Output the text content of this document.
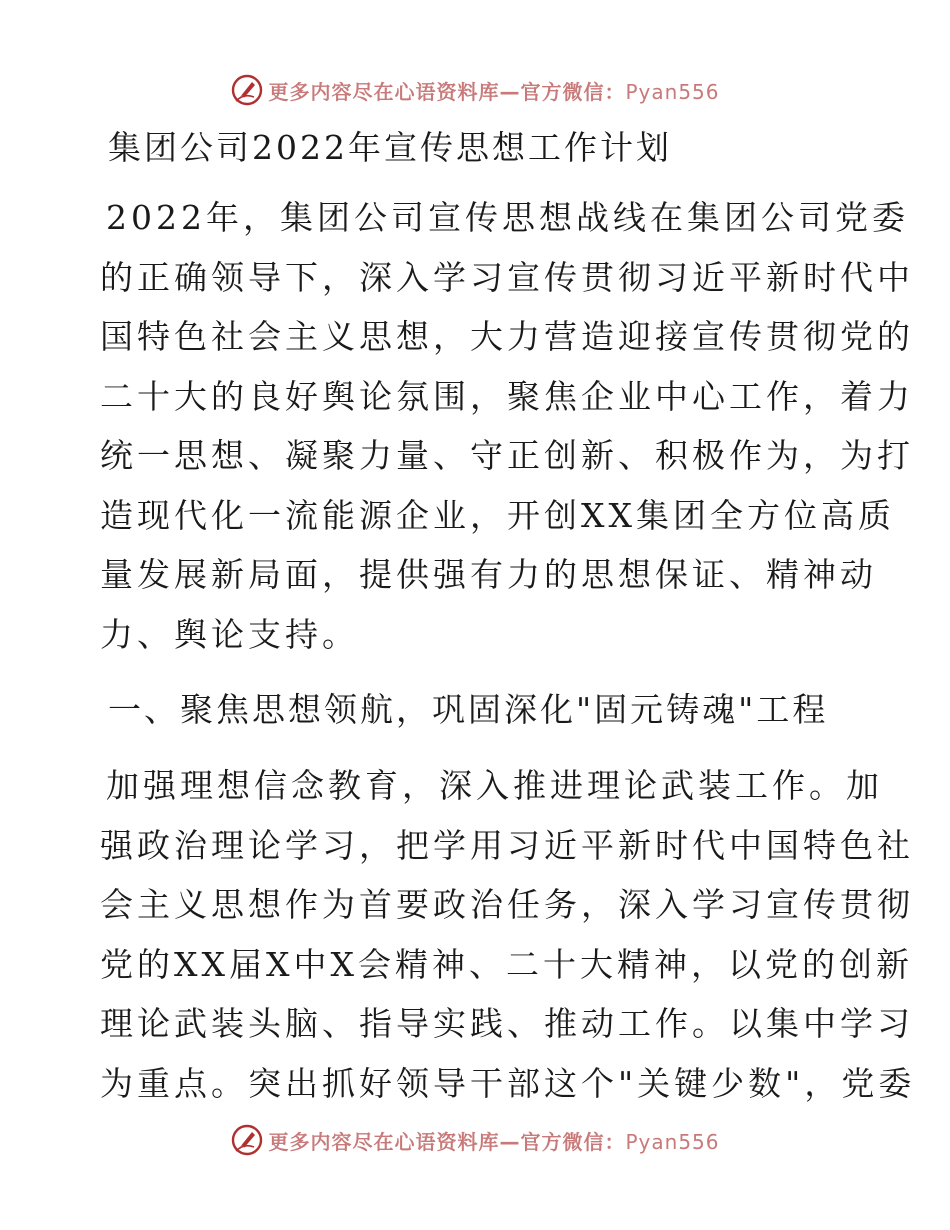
更多内容尽在心语资料库—官方微信：Pyan556
集团公司2022年宣传思想工作计划

2022年，集团公司宣传思想战线在集团公司党委
的正确领导下，深入学习宣传贯彻习近平新时代中
国特色社会主义思想，大力营造迎接宣传贯彻党的
二十大的良好舆论氛围，聚焦企业中心工作，着力
统一思想、凝聚力量、守正创新、积极作为，为打
造现代化一流能源企业，开创XX集团全方位高质
量发展新局面，提供强有力的思想保证、精神动
力、舆论支持。

一、聚焦思想领航，巩固深化"固元铸魂"工程

加强理想信念教育，深入推进理论武装工作。加
强政治理论学习，把学用习近平新时代中国特色社
会主义思想作为首要政治任务，深入学习宣传贯彻
党的XX届X中X会精神、二十大精神，以党的创新
理论武装头脑、指导实践、推动工作。以集中学习
为重点。突出抓好领导干部这个"关键少数"，党委

更多内容尽在心语资料库—官方微信：Pyan556
